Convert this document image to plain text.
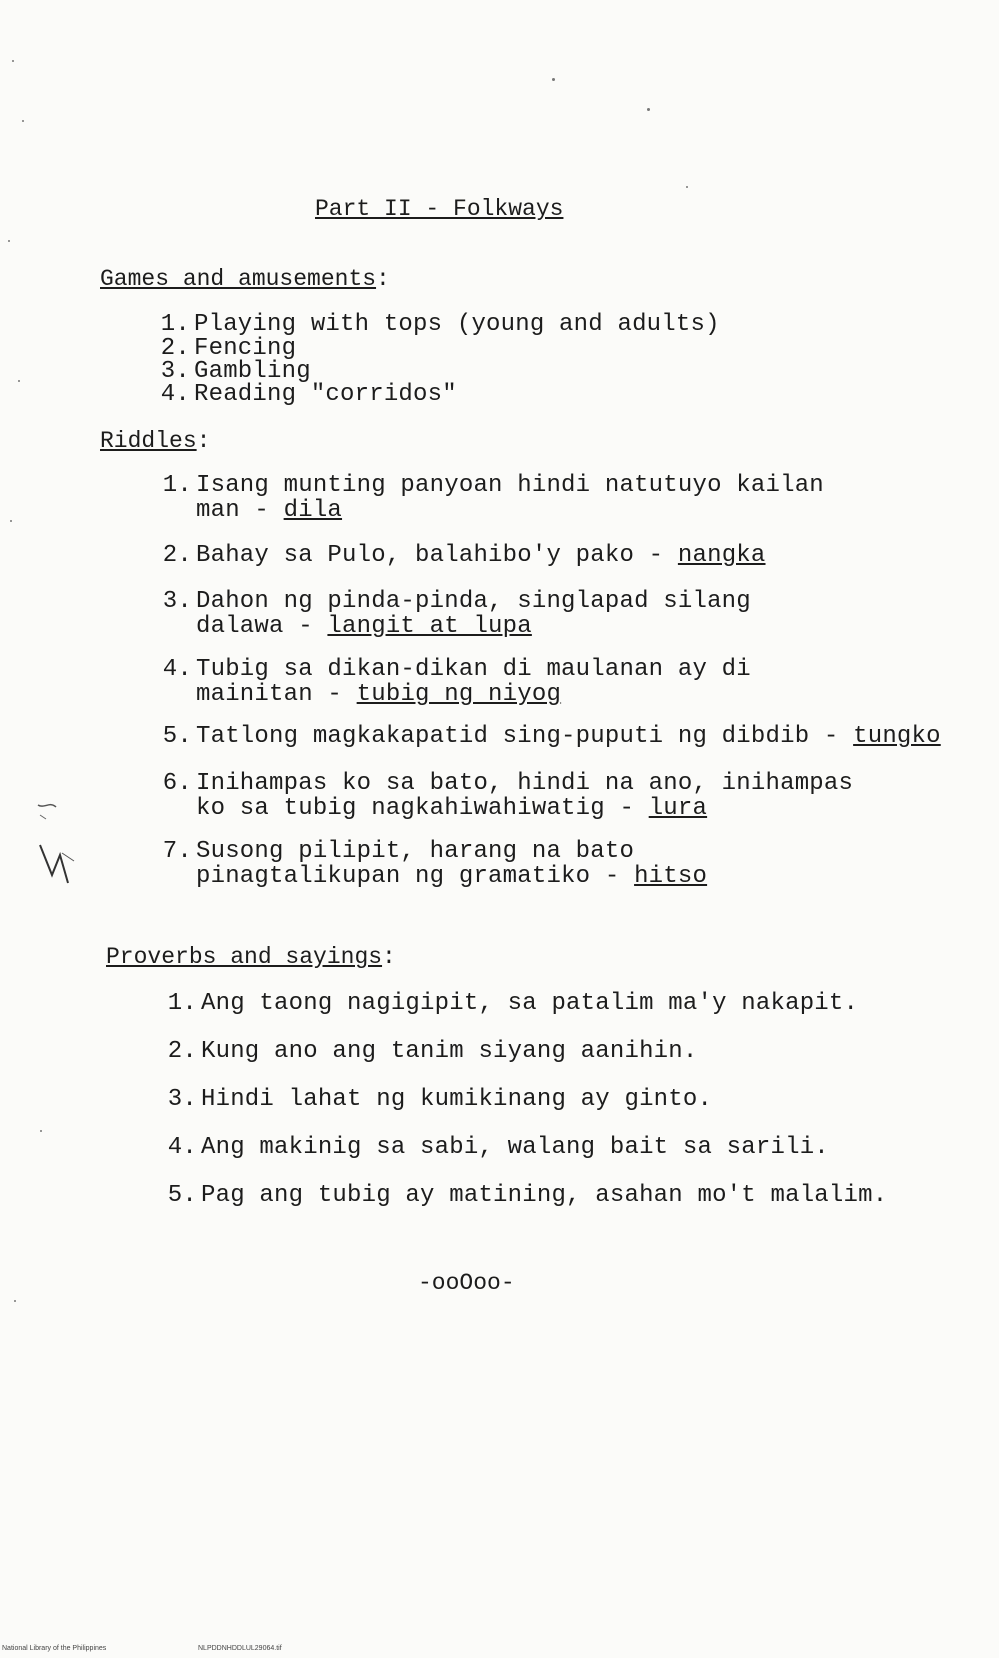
Part II - Folkways
Games and amusements:
1. Playing with tops (young and adults)
2. Fencing
3. Gambling
4. Reading "corridos"
Riddles:
1. Isang munting panyoan hindi natutuyo kailan
man - dila
2. Bahay sa Pulo, balahibo'y pako - nangka
3. Dahon ng pinda-pinda, singlapad silang
dalawa - langit at lupa
4. Tubig sa dikan-dikan di maulanan ay di
mainitan - tubig ng niyog
5. Tatlong magkakapatid sing-puputi ng dibdib - tungko
6. Inihampas ko sa bato, hindi na ano, inihampas
ko sa tubig nagkahiwahiwatig - lura
7. Susong pilipit, harang na bato
pinagtalikupan ng gramatiko - hitso
Proverbs and sayings:
1. Ang taong nagigipit, sa patalim ma'y nakapit.
2. Kung ano ang tanim siyang aanihin.
3. Hindi lahat ng kumikinang ay ginto.
4. Ang makinig sa sabi, walang bait sa sarili.
5. Pag ang tubig ay matining, asahan mo't malalim.
-ooOoo-
National Library of the Philippines	NLPDDNHDDLUL29064.tif
